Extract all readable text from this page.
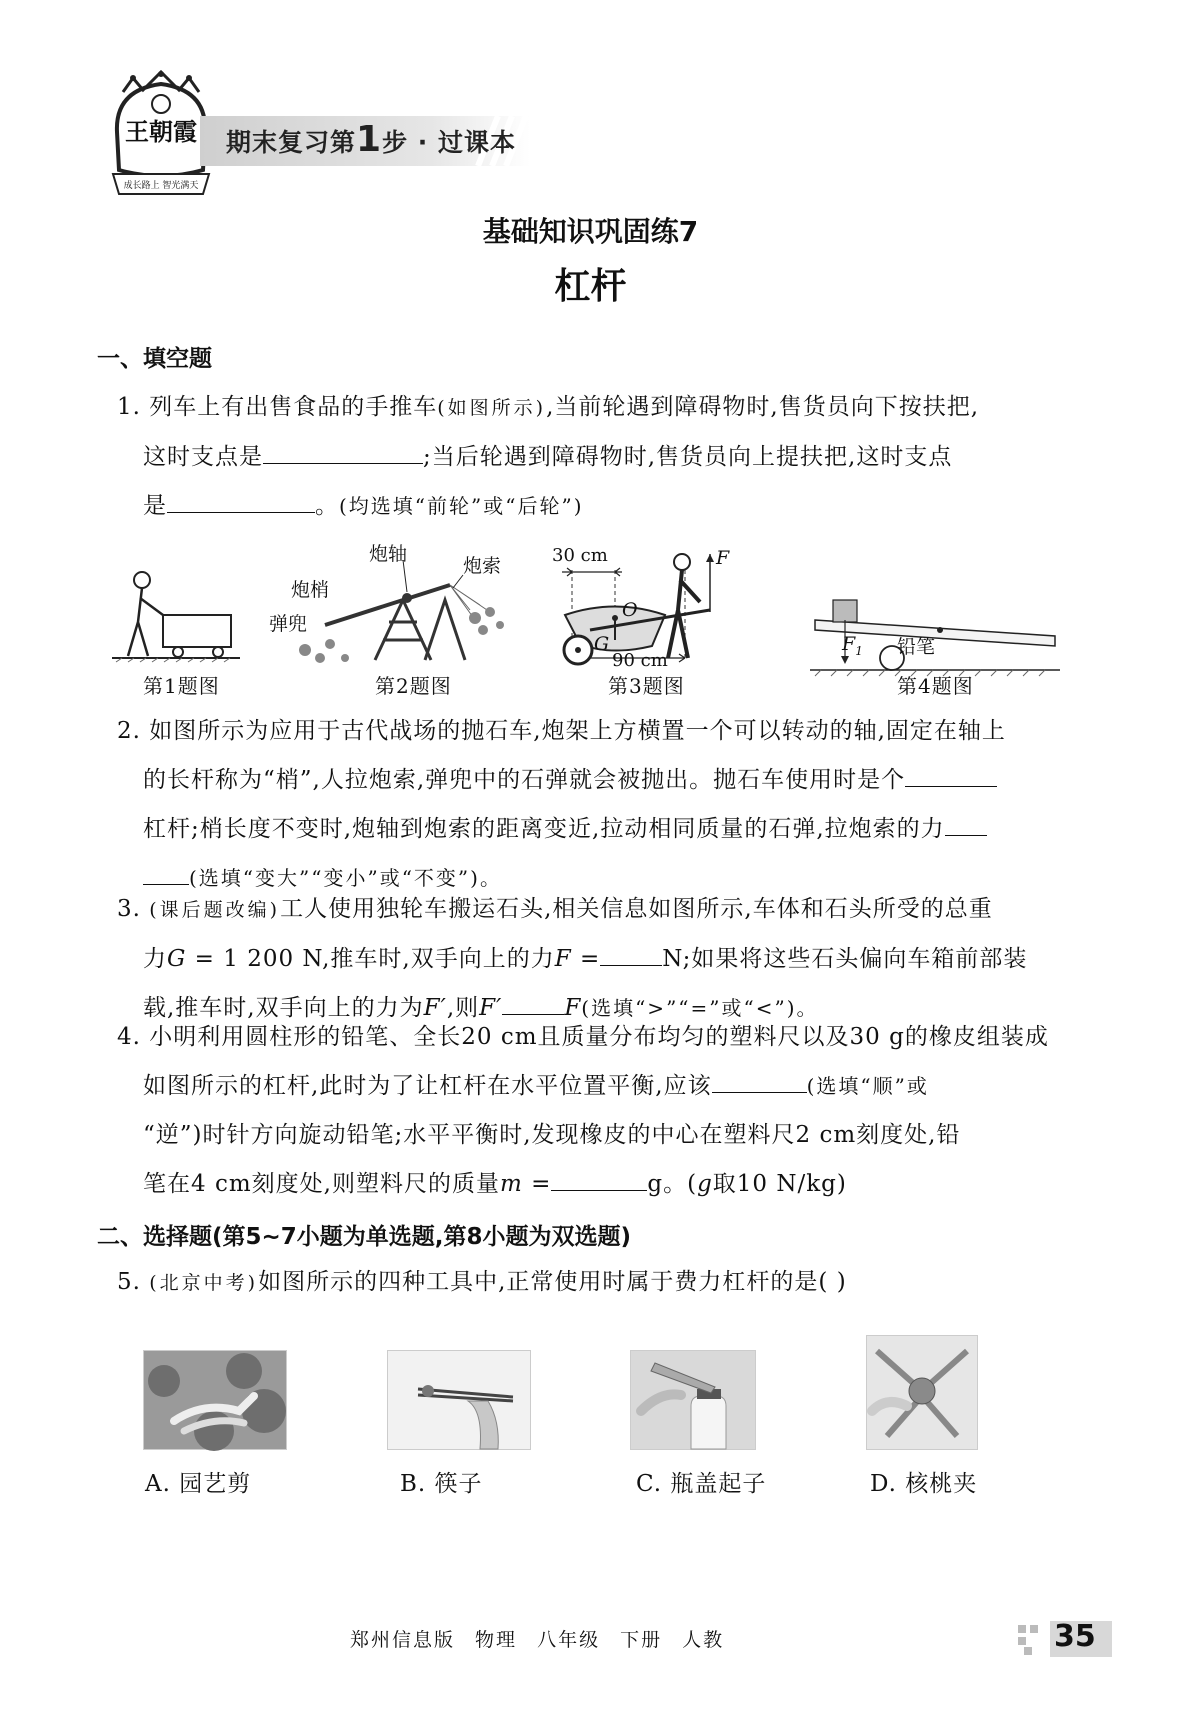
王朝霞
成长路上 智光满天
期末复习第1步 · 过课本
基础知识巩固练7
杠杆
一、填空题
1. 列车上有出售食品的手推车(如图所示),当前轮遇到障碍物时,售货员向下按扶把,
这时支点是	;当后轮遇到障碍物时,售货员向上提扶把,这时支点
是	。(均选填“前轮”或“后轮”)
第1题图
炮轴
炮索
炮梢
弹兜
第2题图
30 cm
90 cm
F
O
G
第3题图
$F_1$ 铅笔
第4题图
2. 如图所示为应用于古代战场的抛石车,炮架上方横置一个可以转动的轴,固定在轴上
的长杆称为“梢”,人拉炮索,弹兜中的石弹就会被抛出。抛石车使用时是个
杠杆;梢长度不变时,炮轴到炮索的距离变近,拉动相同质量的石弹,拉炮索的力
(选填“变大”“变小”或“不变”)。
3. (课后题改编)工人使用独轮车搬运石头,相关信息如图所示,车体和石头所受的总重
力G = 1 200 N,推车时,双手向上的力F =	N;如果将这些石头偏向车箱前部装
载,推车时,双手向上的力为F′,则F′	F(选填“>”“=”或“<”)。
4. 小明利用圆柱形的铅笔、全长20 cm且质量分布均匀的塑料尺以及30 g的橡皮组装成
如图所示的杠杆,此时为了让杠杆在水平位置平衡,应该	(选填“顺”或
“逆”)时针方向旋动铅笔;水平平衡时,发现橡皮的中心在塑料尺2 cm刻度处,铅
笔在4 cm刻度处,则塑料尺的质量m =	g。(g取10 N/kg)
二、选择题(第5~7小题为单选题,第8小题为双选题)
5. (北京中考)如图所示的四种工具中,正常使用时属于费力杠杆的是( )
A. 园艺剪	B. 筷子	C. 瓶盖起子	D. 核桃夹
郑州信息版 物理 八年级 下册 人教	35
